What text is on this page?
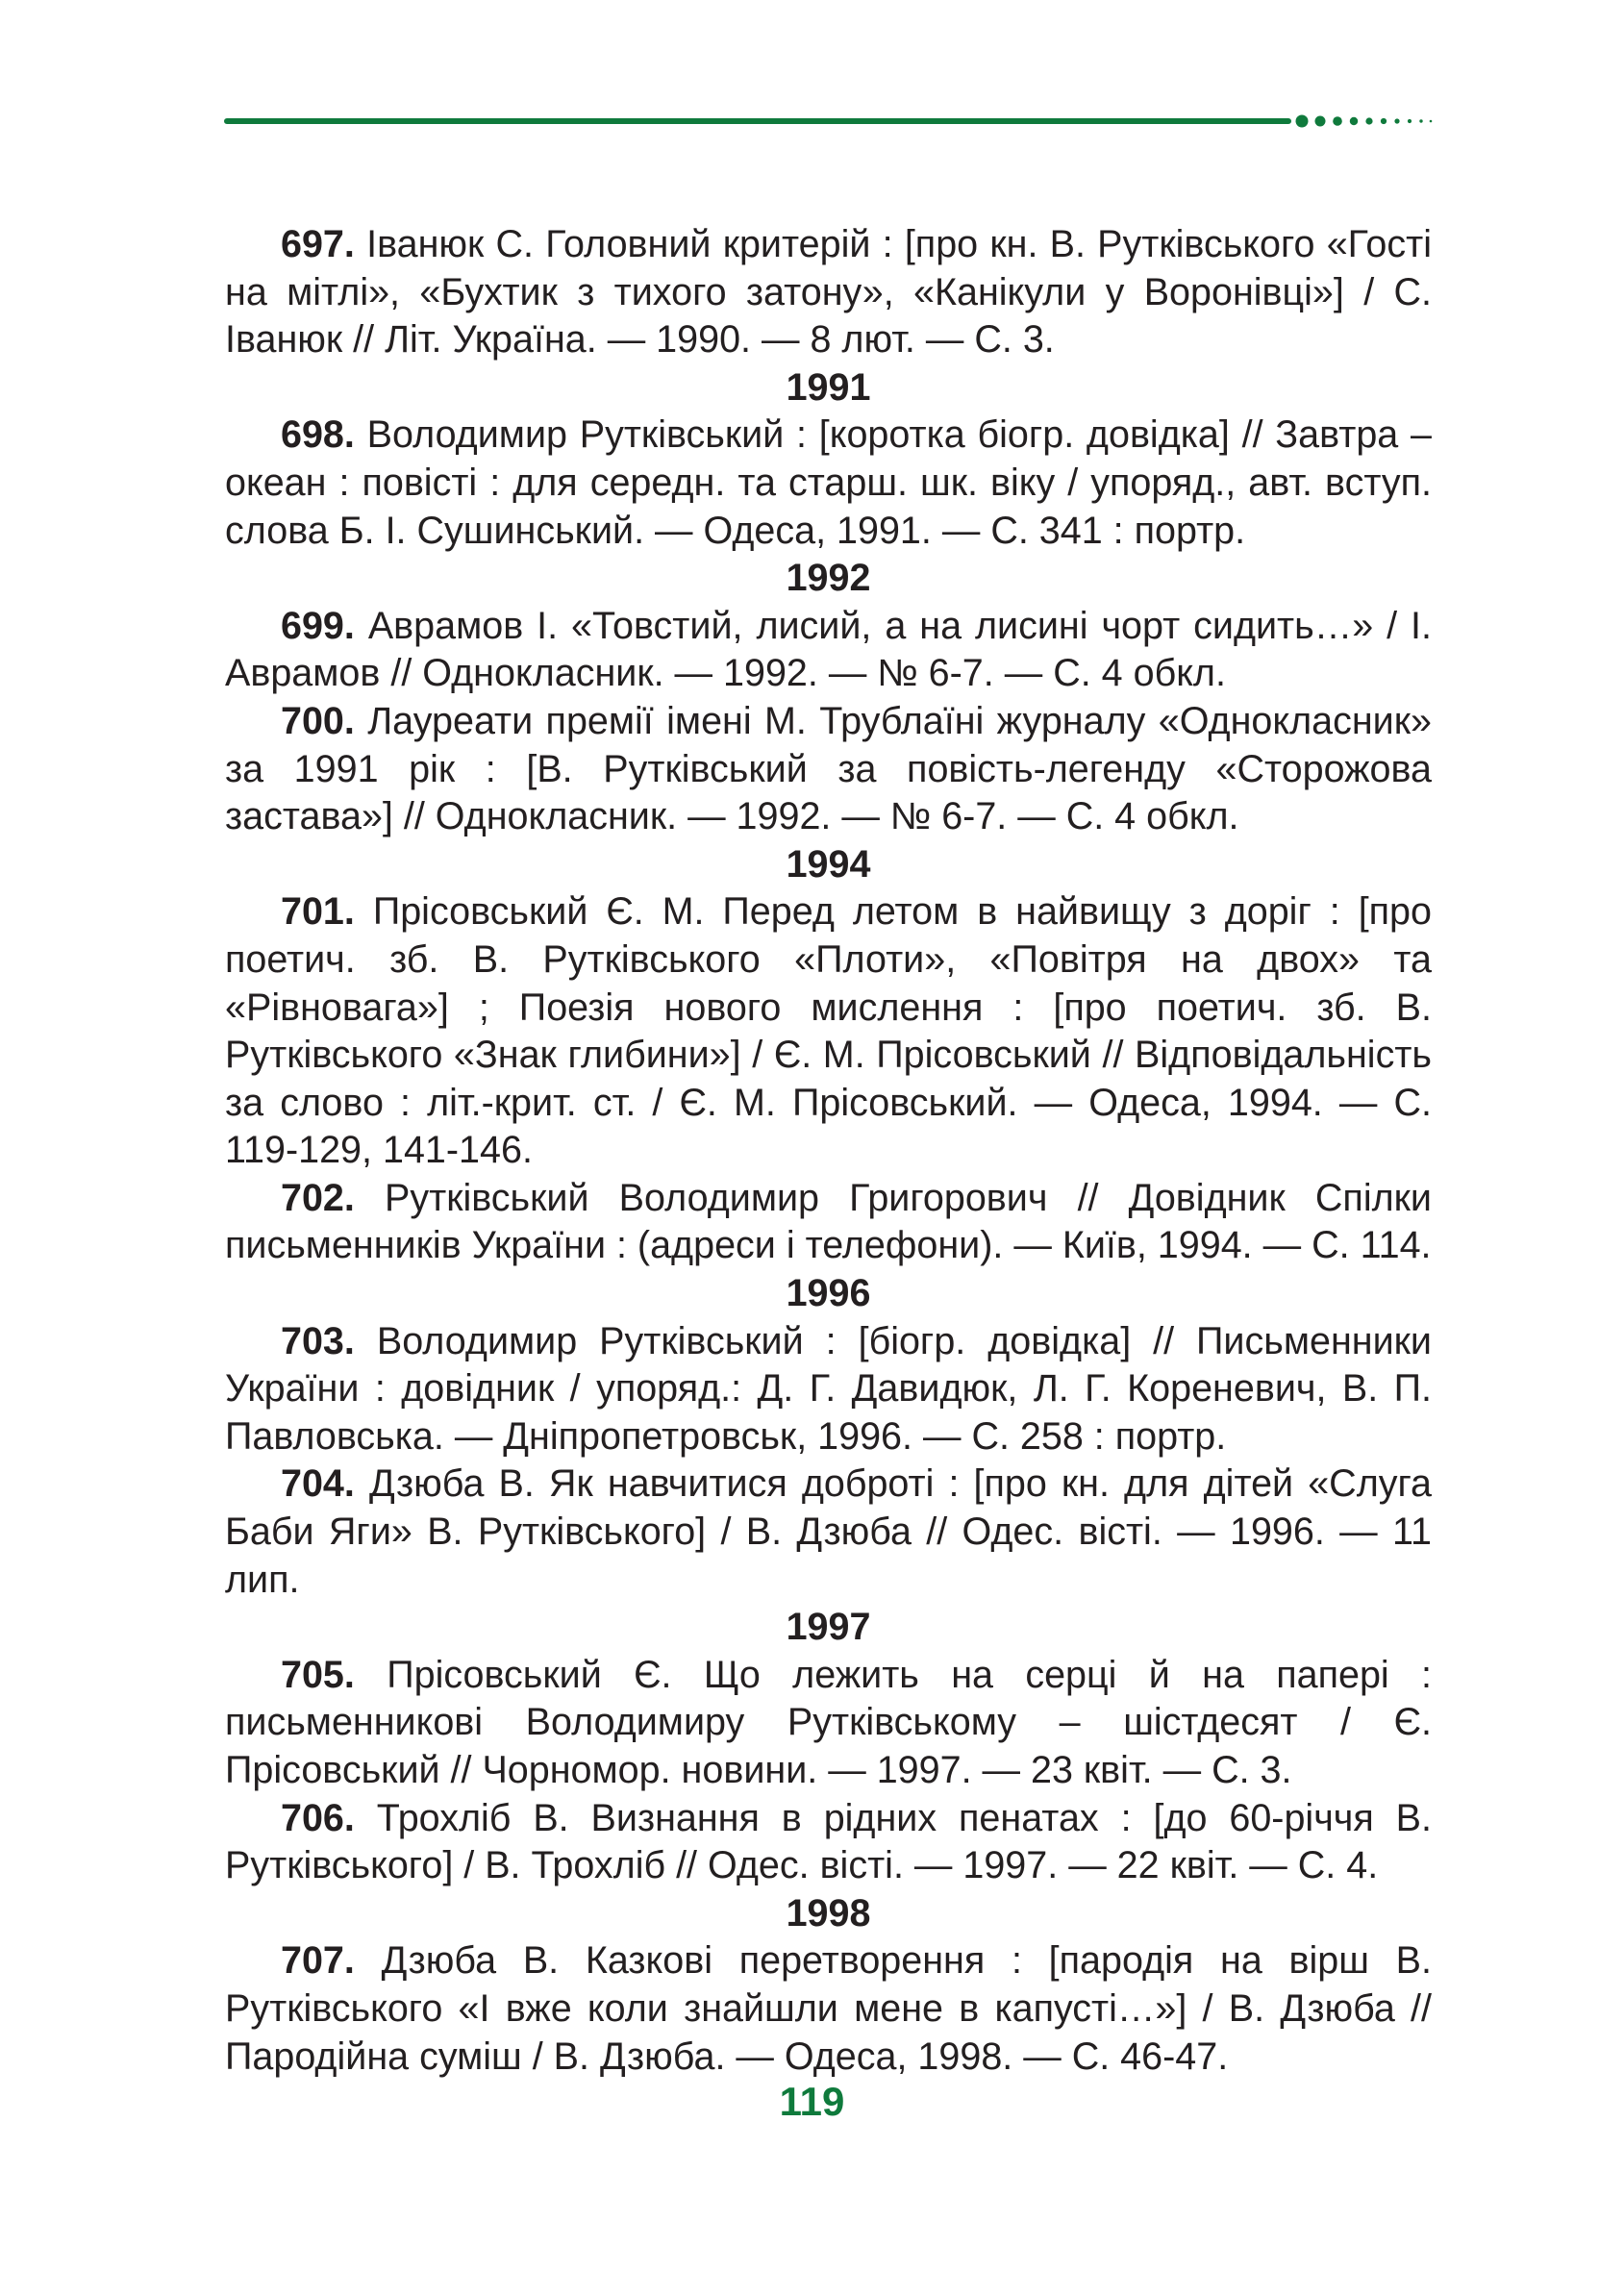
697. Іванюк С. Головний критерій : [про кн. В. Рутківського «Гості на мітлі», «Бухтик з тихого затону», «Канікули у Воронівці»] / С. Іванюк // Літ. Україна. — 1990. — 8 лют. — С. 3.

1991

698. Володимир Рутківський : [коротка біогр. довідка] // Завтра – океан : повісті : для середн. та старш. шк. віку / упоряд., авт. вступ. слова Б. І. Сушинський. — Одеса, 1991. — С. 341 : портр.

1992

699. Аврамов І. «Товстий, лисий, а на лисині чорт сидить…» / І. Аврамов // Однокласник. — 1992. — № 6-7. — С. 4 обкл.

700. Лауреати премії імені М. Трублаїні журналу «Однокласник» за 1991 рік : [В. Рутківський за повість-легенду «Сторожова застава»] // Однокласник. — 1992. — № 6-7. — С. 4 обкл.

1994

701. Прісовський Є. М. Перед летом в найвищу з доріг : [про поетич. зб. В. Рутківського «Плоти», «Повітря на двох» та «Рівновага»] ; Поезія нового мислення : [про поетич. зб. В. Рутківського «Знак глибини»] / Є. М. Прісовський // Відповідальність за слово : літ.-крит. ст. / Є. М. Прісовський. — Одеса, 1994. — С. 119-129, 141-146.

702. Рутківський Володимир Григорович // Довідник Спілки письменників України : (адреси і телефони). — Київ, 1994. — С. 114.

1996

703. Володимир Рутківський : [біогр. довідка] // Письменники України : довідник / упоряд.: Д. Г. Давидюк, Л. Г. Кореневич, В. П. Павловська. — Дніпропетровськ, 1996. — С. 258 : портр.

704. Дзюба В. Як навчитися доброті : [про кн. для дітей «Слуга Баби Яги» В. Рутківського] / В. Дзюба // Одес. вісті. — 1996. — 11 лип.

1997

705. Прісовський Є. Що лежить на серці й на папері : письменникові Володимиру Рутківському – шістдесят / Є. Прісовський // Чорномор. новини. — 1997. — 23 квіт. — С. 3.

706. Трохліб В. Визнання в рідних пенатах : [до 60-річчя В. Рутківського] / В. Трохліб // Одес. вісті. — 1997. — 22 квіт. — С. 4.

1998

707. Дзюба В. Казкові перетворення : [пародія на вірш В. Рутківського «І вже коли знайшли мене в капусті…»] / В. Дзюба // Пародійна суміш / В. Дзюба. — Одеса, 1998. — С. 46-47.

119
